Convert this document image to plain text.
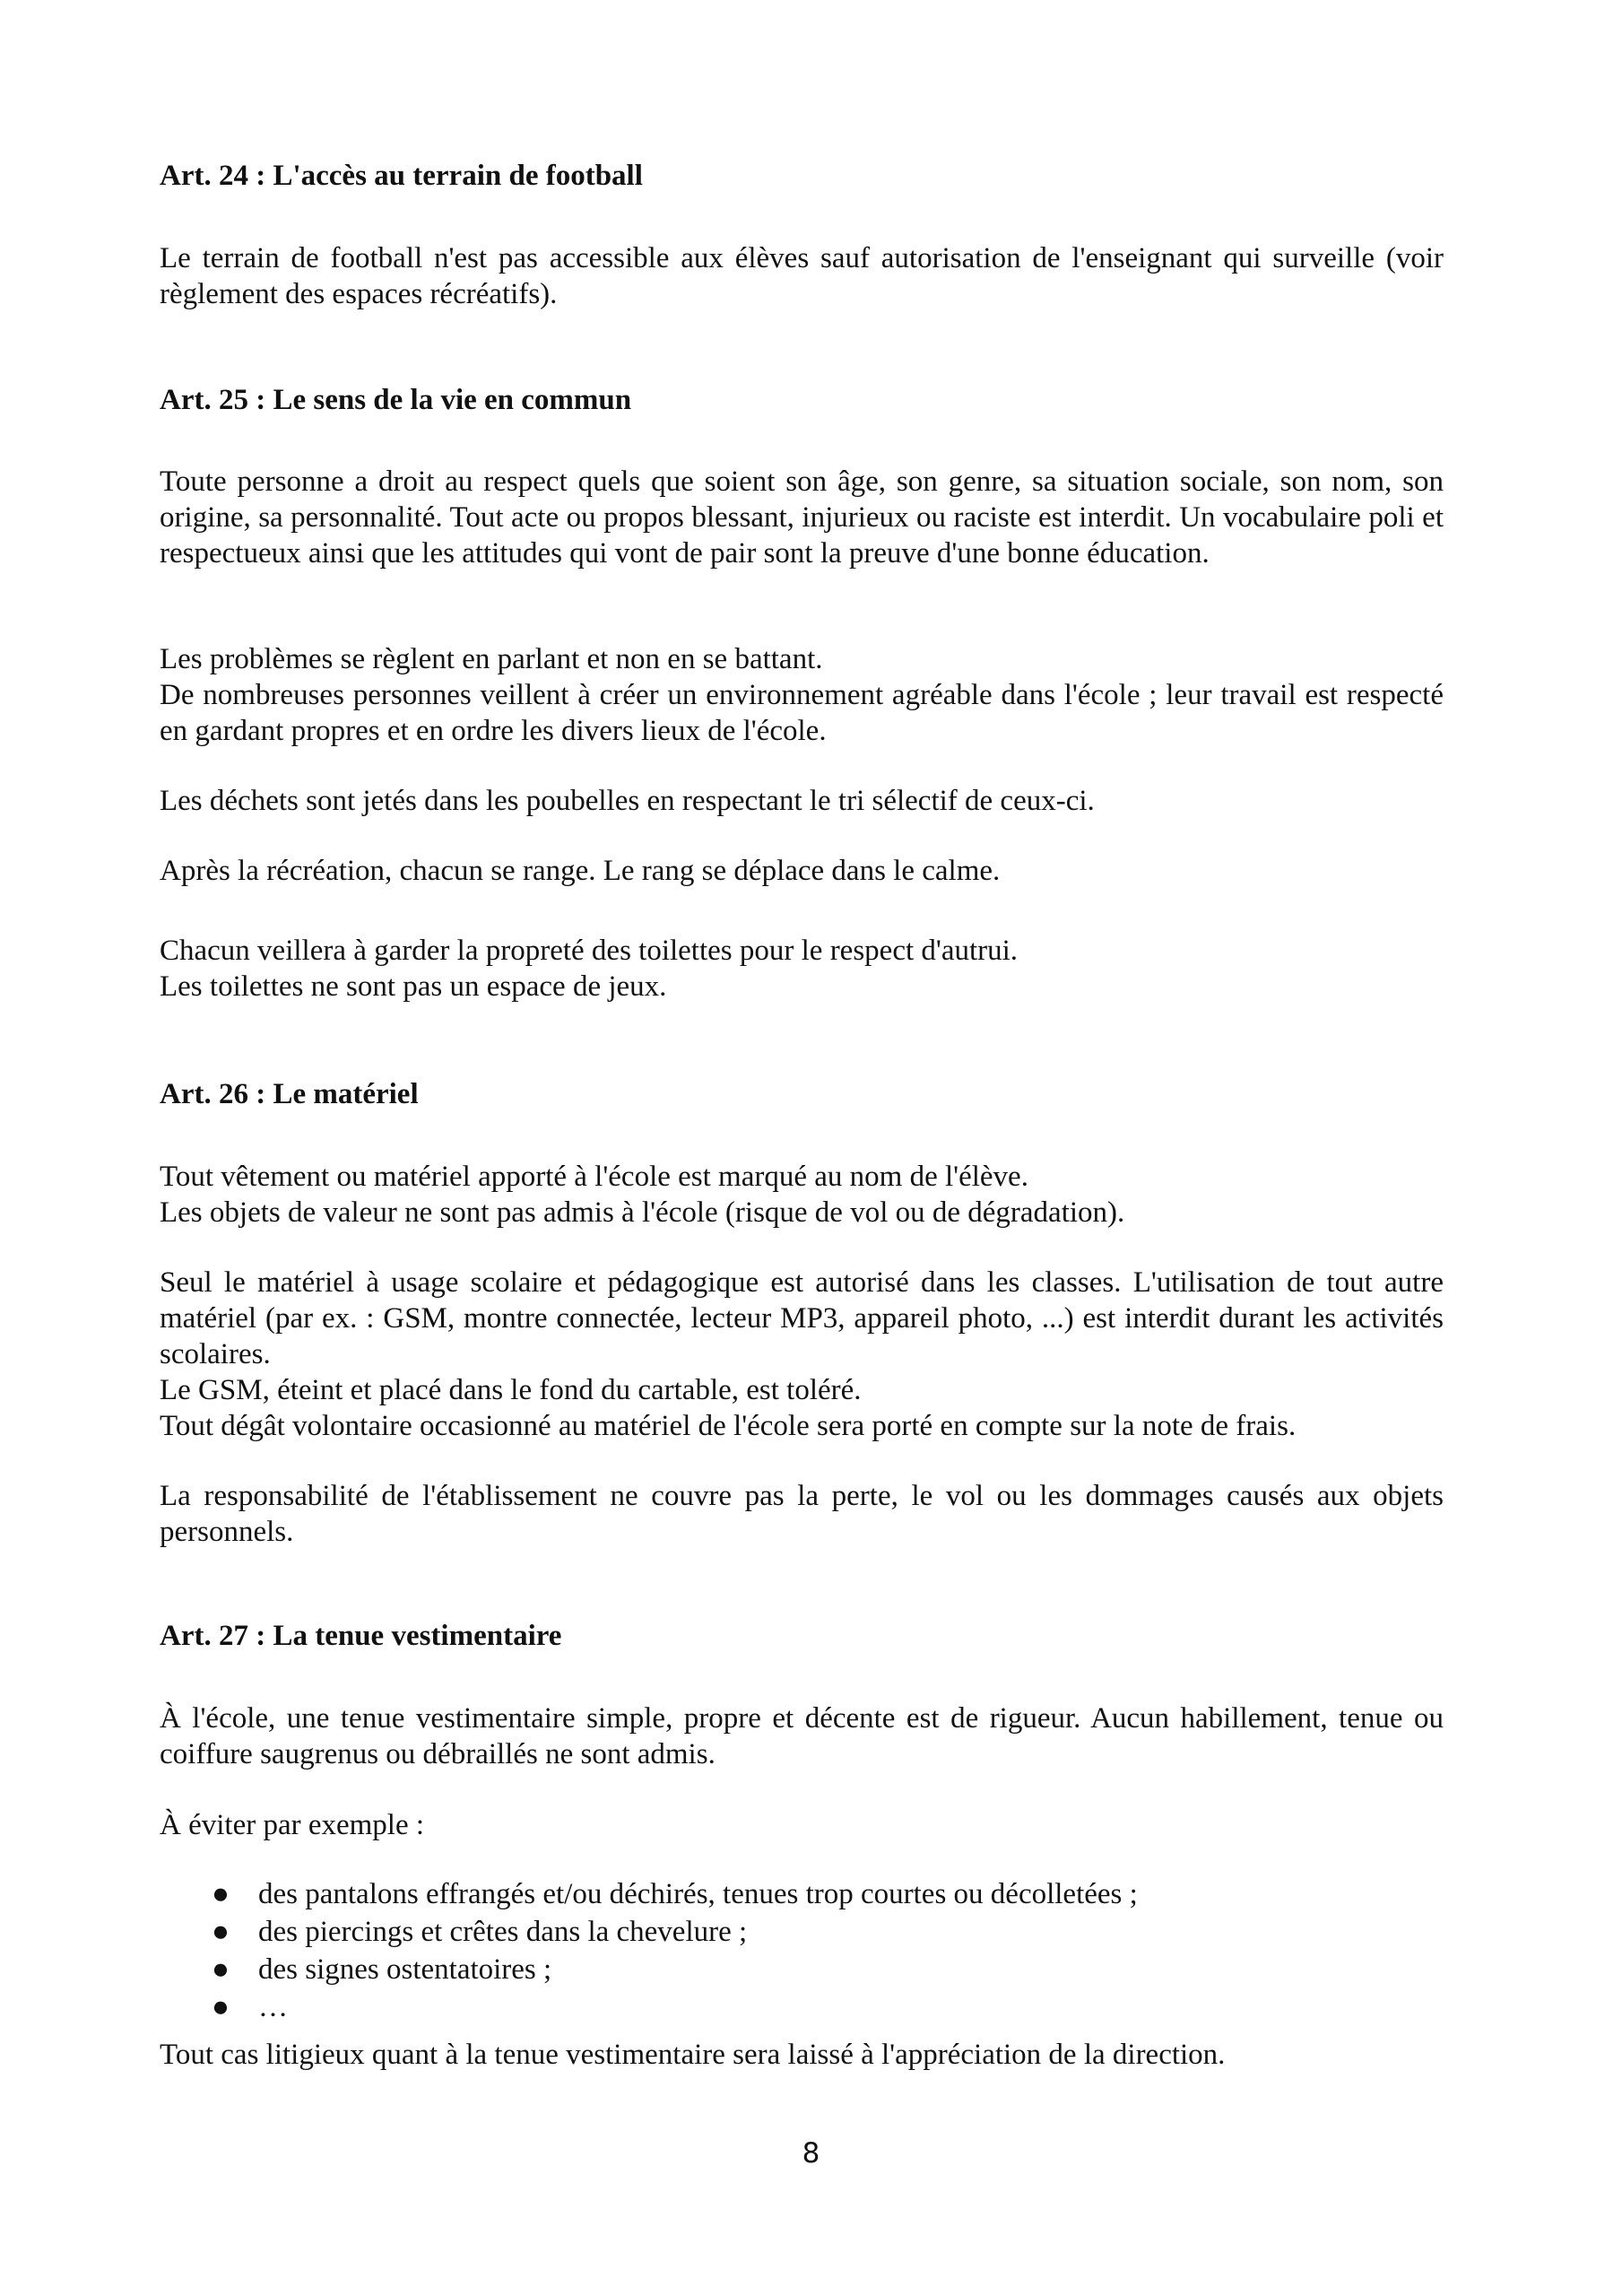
Art. 24 : L'accès au terrain de football
Le terrain de football n'est pas accessible aux élèves sauf autorisation de l'enseignant qui surveille (voir règlement des espaces récréatifs).
Art. 25 : Le sens de la vie en commun
Toute personne a droit au respect quels que soient son âge, son genre, sa situation sociale, son nom, son origine, sa personnalité. Tout acte ou propos blessant, injurieux ou raciste est interdit. Un vocabulaire poli et respectueux ainsi que les attitudes qui vont de pair sont la preuve d'une bonne éducation.
Les problèmes se règlent en parlant et non en se battant.
De nombreuses personnes veillent à créer un environnement agréable dans l'école ; leur travail est respecté en gardant propres et en ordre les divers lieux de l'école.
Les déchets sont jetés dans les poubelles en respectant le tri sélectif de ceux-ci.
Après la récréation, chacun se range. Le rang se déplace dans le calme.
Chacun veillera à garder la propreté des toilettes pour le respect d'autrui.
Les toilettes ne sont pas un espace de jeux.
Art. 26 : Le matériel
Tout vêtement ou matériel apporté à l'école est marqué au nom de l'élève.
Les objets de valeur ne sont pas admis à l'école (risque de vol ou de dégradation).
Seul le matériel à usage scolaire et pédagogique est autorisé dans les classes. L'utilisation de tout autre matériel (par ex. : GSM, montre connectée, lecteur MP3, appareil photo, ...) est interdit durant les activités scolaires.
Le GSM, éteint et placé dans le fond du cartable, est toléré.
Tout dégât volontaire occasionné au matériel de l'école sera porté en compte sur la note de frais.
La responsabilité de l'établissement ne couvre pas la perte, le vol ou les dommages causés aux objets personnels.
Art. 27 : La tenue vestimentaire
À l'école, une tenue vestimentaire simple, propre et décente est de rigueur. Aucun habillement, tenue ou coiffure saugrenus ou débraillés ne sont admis.
À éviter par exemple :
● des pantalons effrangés et/ou déchirés, tenues trop courtes ou décolletées ;
● des piercings et crêtes dans la chevelure ;
● des signes ostentatoires ;
● …
Tout cas litigieux quant à la tenue vestimentaire sera laissé à l'appréciation de la direction.
8
